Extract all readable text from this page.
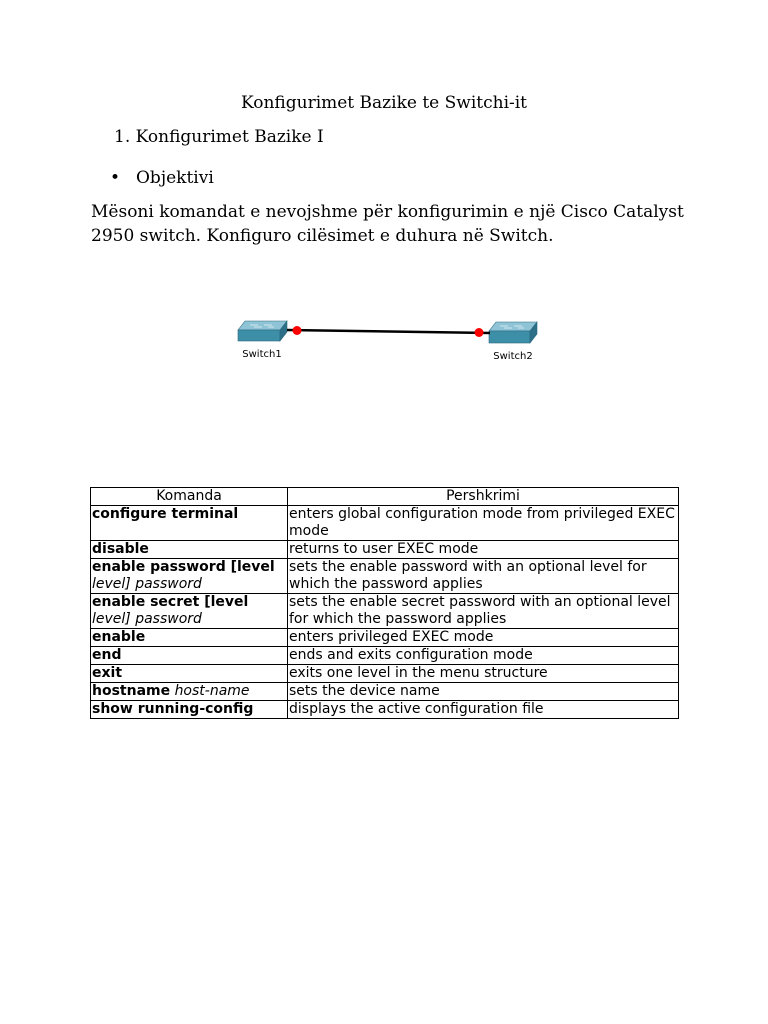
Konfigurimet Bazike te Switchi-it
1. Konfigurimet Bazike I
• Objektivi
Mësoni komandat e nevojshme për konfigurimin e një Cisco Catalyst 2950 switch. Konfiguro cilësimet e duhura në Switch.
Switch1	Switch2
Komanda	Pershkrimi
configure terminal	enters global configuration mode from privileged EXEC mode
disable	returns to user EXEC mode
enable password [level level] password	sets the enable password with an optional level for which the password applies
enable secret [level level] password	sets the enable secret password with an optional level for which the password applies
enable	enters privileged EXEC mode
end	ends and exits configuration mode
exit	exits one level in the menu structure
hostname host-name	sets the device name
show running-config	displays the active configuration file
